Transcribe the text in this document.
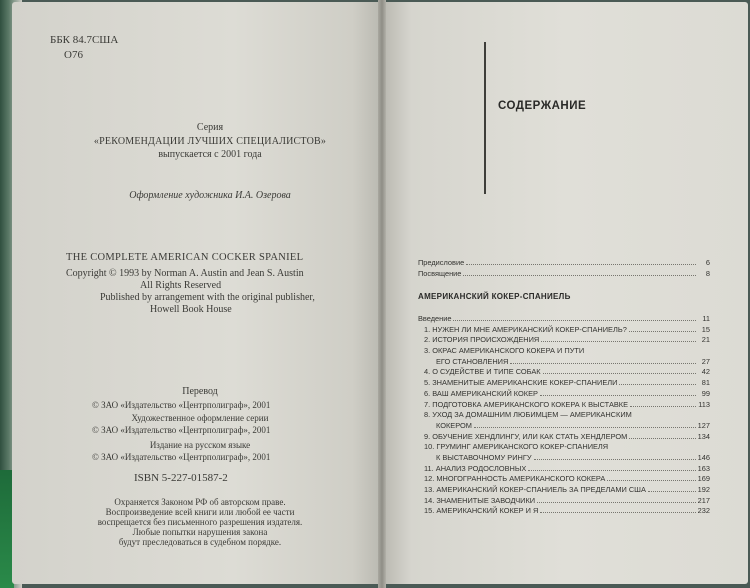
ББК 84.7США
О76
Серия
«РЕКОМЕНДАЦИИ ЛУЧШИХ СПЕЦИАЛИСТОВ»
выпускается с 2001 года
Оформление художника И.А. Озерова
THE COMPLETE AMERICAN COCKER SPANIEL
Copyright © 1993 by Norman A. Austin and Jean S. Austin
All Rights Reserved
Published by arrangement with the original publisher,
Howell Book House
Перевод
© ЗАО «Издательство «Центрполиграф», 2001
Художественное оформление серии
© ЗАО «Издательство «Центрполиграф», 2001
Издание на русском языке
© ЗАО «Издательство «Центрполиграф», 2001
ISBN 5-227-01587-2
Охраняется Законом РФ об авторском праве.
Воспроизведение всей книги или любой ее части
воспрещается без письменного разрешения издателя.
Любые попытки нарушения закона
будут преследоваться в судебном порядке.
СОДЕРЖАНИЕ
Предисловие	6
Посвящение	8
АМЕРИКАНСКИЙ КОКЕР-СПАНИЕЛЬ
Введение	11
1. НУЖЕН ЛИ МНЕ АМЕРИКАНСКИЙ КОКЕР-СПАНИЕЛЬ?	15
2. ИСТОРИЯ ПРОИСХОЖДЕНИЯ	21
3. ОКРАС АМЕРИКАНСКОГО КОКЕРА И ПУТИ
ЕГО СТАНОВЛЕНИЯ	27
4. О СУДЕЙСТВЕ И ТИПЕ СОБАК	42
5. ЗНАМЕНИТЫЕ АМЕРИКАНСКИЕ КОКЕР-СПАНИЕЛИ	81
6. ВАШ АМЕРИКАНСКИЙ КОКЕР	99
7. ПОДГОТОВКА АМЕРИКАНСКОГО КОКЕРА К ВЫСТАВКЕ	113
8. УХОД ЗА ДОМАШНИМ ЛЮБИМЦЕМ — АМЕРИКАНСКИМ
КОКЕРОМ	127
9. ОБУЧЕНИЕ ХЕНДЛИНГУ, ИЛИ КАК СТАТЬ ХЕНДЛЕРОМ	134
10. ГРУМИНГ АМЕРИКАНСКОГО КОКЕР-СПАНИЕЛЯ
К ВЫСТАВОЧНОМУ РИНГУ	146
11. АНАЛИЗ РОДОСЛОВНЫХ	163
12. МНОГОГРАННОСТЬ АМЕРИКАНСКОГО КОКЕРА	169
13. АМЕРИКАНСКИЙ КОКЕР-СПАНИЕЛЬ ЗА ПРЕДЕЛАМИ США	192
14. ЗНАМЕНИТЫЕ ЗАВОДЧИКИ	217
15. АМЕРИКАНСКИЙ КОКЕР И Я	232
